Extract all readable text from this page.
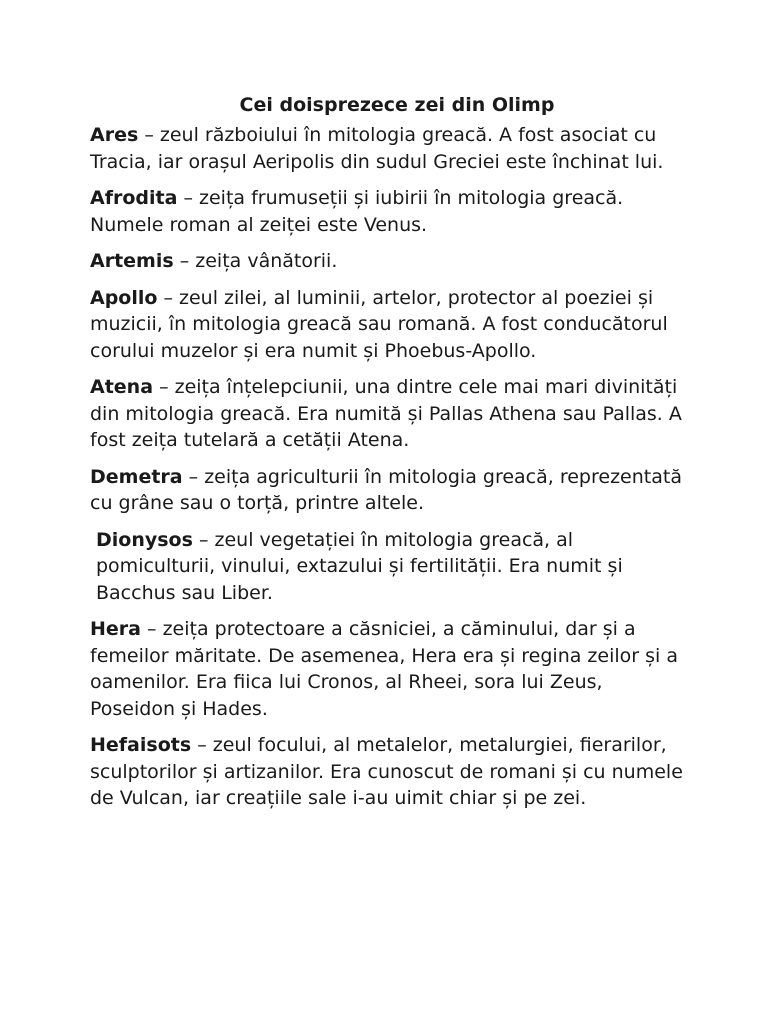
Cei doisprezece zei din Olimp

Ares – zeul războiului în mitologia greacă. A fost asociat cu Tracia, iar orașul Aeripolis din sudul Greciei este închinat lui.

Afrodita – zeița frumuseții și iubirii în mitologia greacă. Numele roman al zeiței este Venus.

Artemis – zeița vânătorii.

Apollo – zeul zilei, al luminii, artelor, protector al poeziei și muzicii, în mitologia greacă sau romană. A fost conducătorul corului muzelor și era numit și Phoebus-Apollo.

Atena – zeița înțelepciunii, una dintre cele mai mari divinități din mitologia greacă. Era numită și Pallas Athena sau Pallas. A fost zeița tutelară a cetății Atena.

Demetra – zeița agriculturii în mitologia greacă, reprezentată cu grâne sau o torță, printre altele.

Dionysos – zeul vegetației în mitologia greacă, al pomiculturii, vinului, extazului și fertilității. Era numit și Bacchus sau Liber.

Hera – zeița protectoare a căsniciei, a căminului, dar și a femeilor măritate. De asemenea, Hera era și regina zeilor și a oamenilor. Era fiica lui Cronos, al Rheei, sora lui Zeus, Poseidon și Hades.

Hefaisots – zeul focului, al metalelor, metalurgiei, fierarilor, sculptorilor și artizanilor. Era cunoscut de romani și cu numele de Vulcan, iar creațiile sale i-au uimit chiar și pe zei.
